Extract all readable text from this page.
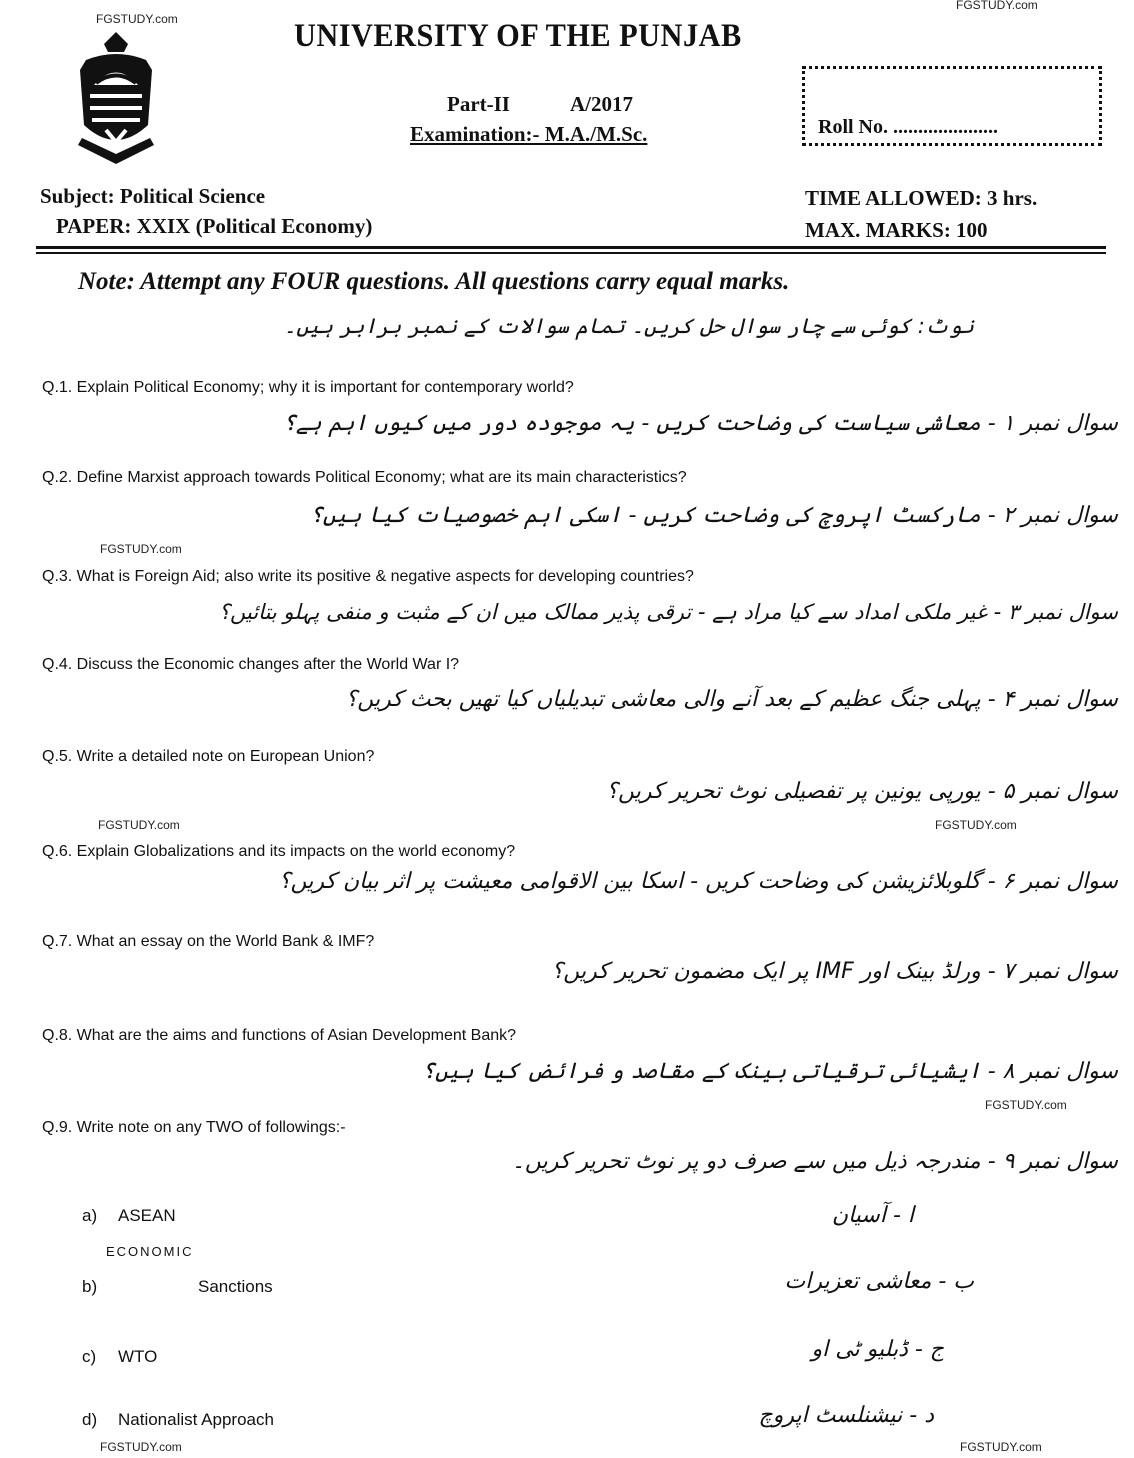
FGSTUDY.com
FGSTUDY.com
FGSTUDY.com
FGSTUDY.com	FGSTUDY.com
FGSTUDY.com
FGSTUDY.com	FGSTUDY.com
UNIVERSITY OF THE PUNJAB
Part-II	A/2017
Examination:- M.A./M.Sc.	Roll No. .....................
Subject: Political Science
PAPER: XXIX (Political Economy)
TIME ALLOWED: 3 hrs.
MAX. MARKS: 100
Note: Attempt any FOUR questions. All questions carry equal marks.
نوٹ: کوئی سے چار سوال حل کریں۔ تمام سوالات کے نمبر برابر ہیں۔
Q.1. Explain Political Economy; why it is important for contemporary world?
سوال نمبر ۱ - معاشی سیاست کی وضاحت کریں - یہ موجودہ دور میں کیوں اہم ہے؟
Q.2. Define Marxist approach towards Political Economy; what are its main characteristics?
سوال نمبر ۲ - مارکسٹ اپروچ کی وضاحت کریں - اسکی اہم خصوصیات کیا ہیں؟
Q.3. What is Foreign Aid; also write its positive & negative aspects for developing countries?
سوال نمبر ۳ - غیر ملکی امداد سے کیا مراد ہے - ترقی پذیر ممالک میں ان کے مثبت و منفی پہلو بتائیں؟
Q.4. Discuss the Economic changes after the World War I?
سوال نمبر ۴ - پہلی جنگ عظیم کے بعد آنے والی معاشی تبدیلیاں کیا تھیں بحث کریں؟
Q.5. Write a detailed note on European Union?
سوال نمبر ۵ - یورپی یونین پر تفصیلی نوٹ تحریر کریں؟
Q.6. Explain Globalizations and its impacts on the world economy?
سوال نمبر ۶ - گلوبلائزیشن کی وضاحت کریں - اسکا بین الاقوامی معیشت پر اثر بیان کریں؟
Q.7. What an essay on the World Bank & IMF?
سوال نمبر ۷ - ورلڈ بینک اور IMF پر ایک مضمون تحریر کریں؟
Q.8. What are the aims and functions of Asian Development Bank?
سوال نمبر ۸ - ایشیائی ترقیاتی بینک کے مقاصد و فرائض کیا ہیں؟
Q.9. Write note on any TWO of followings:-
سوال نمبر ۹ - مندرجہ ذیل میں سے صرف دو پر نوٹ تحریر کریں۔
a) ASEAN	ا - آسیان
ECONOMIC
b)	Sanctions	ب - معاشی تعزیرات
c) WTO	ج - ڈبلیو ٹی او
d) Nationalist Approach	د - نیشنلسٹ اپروچ
